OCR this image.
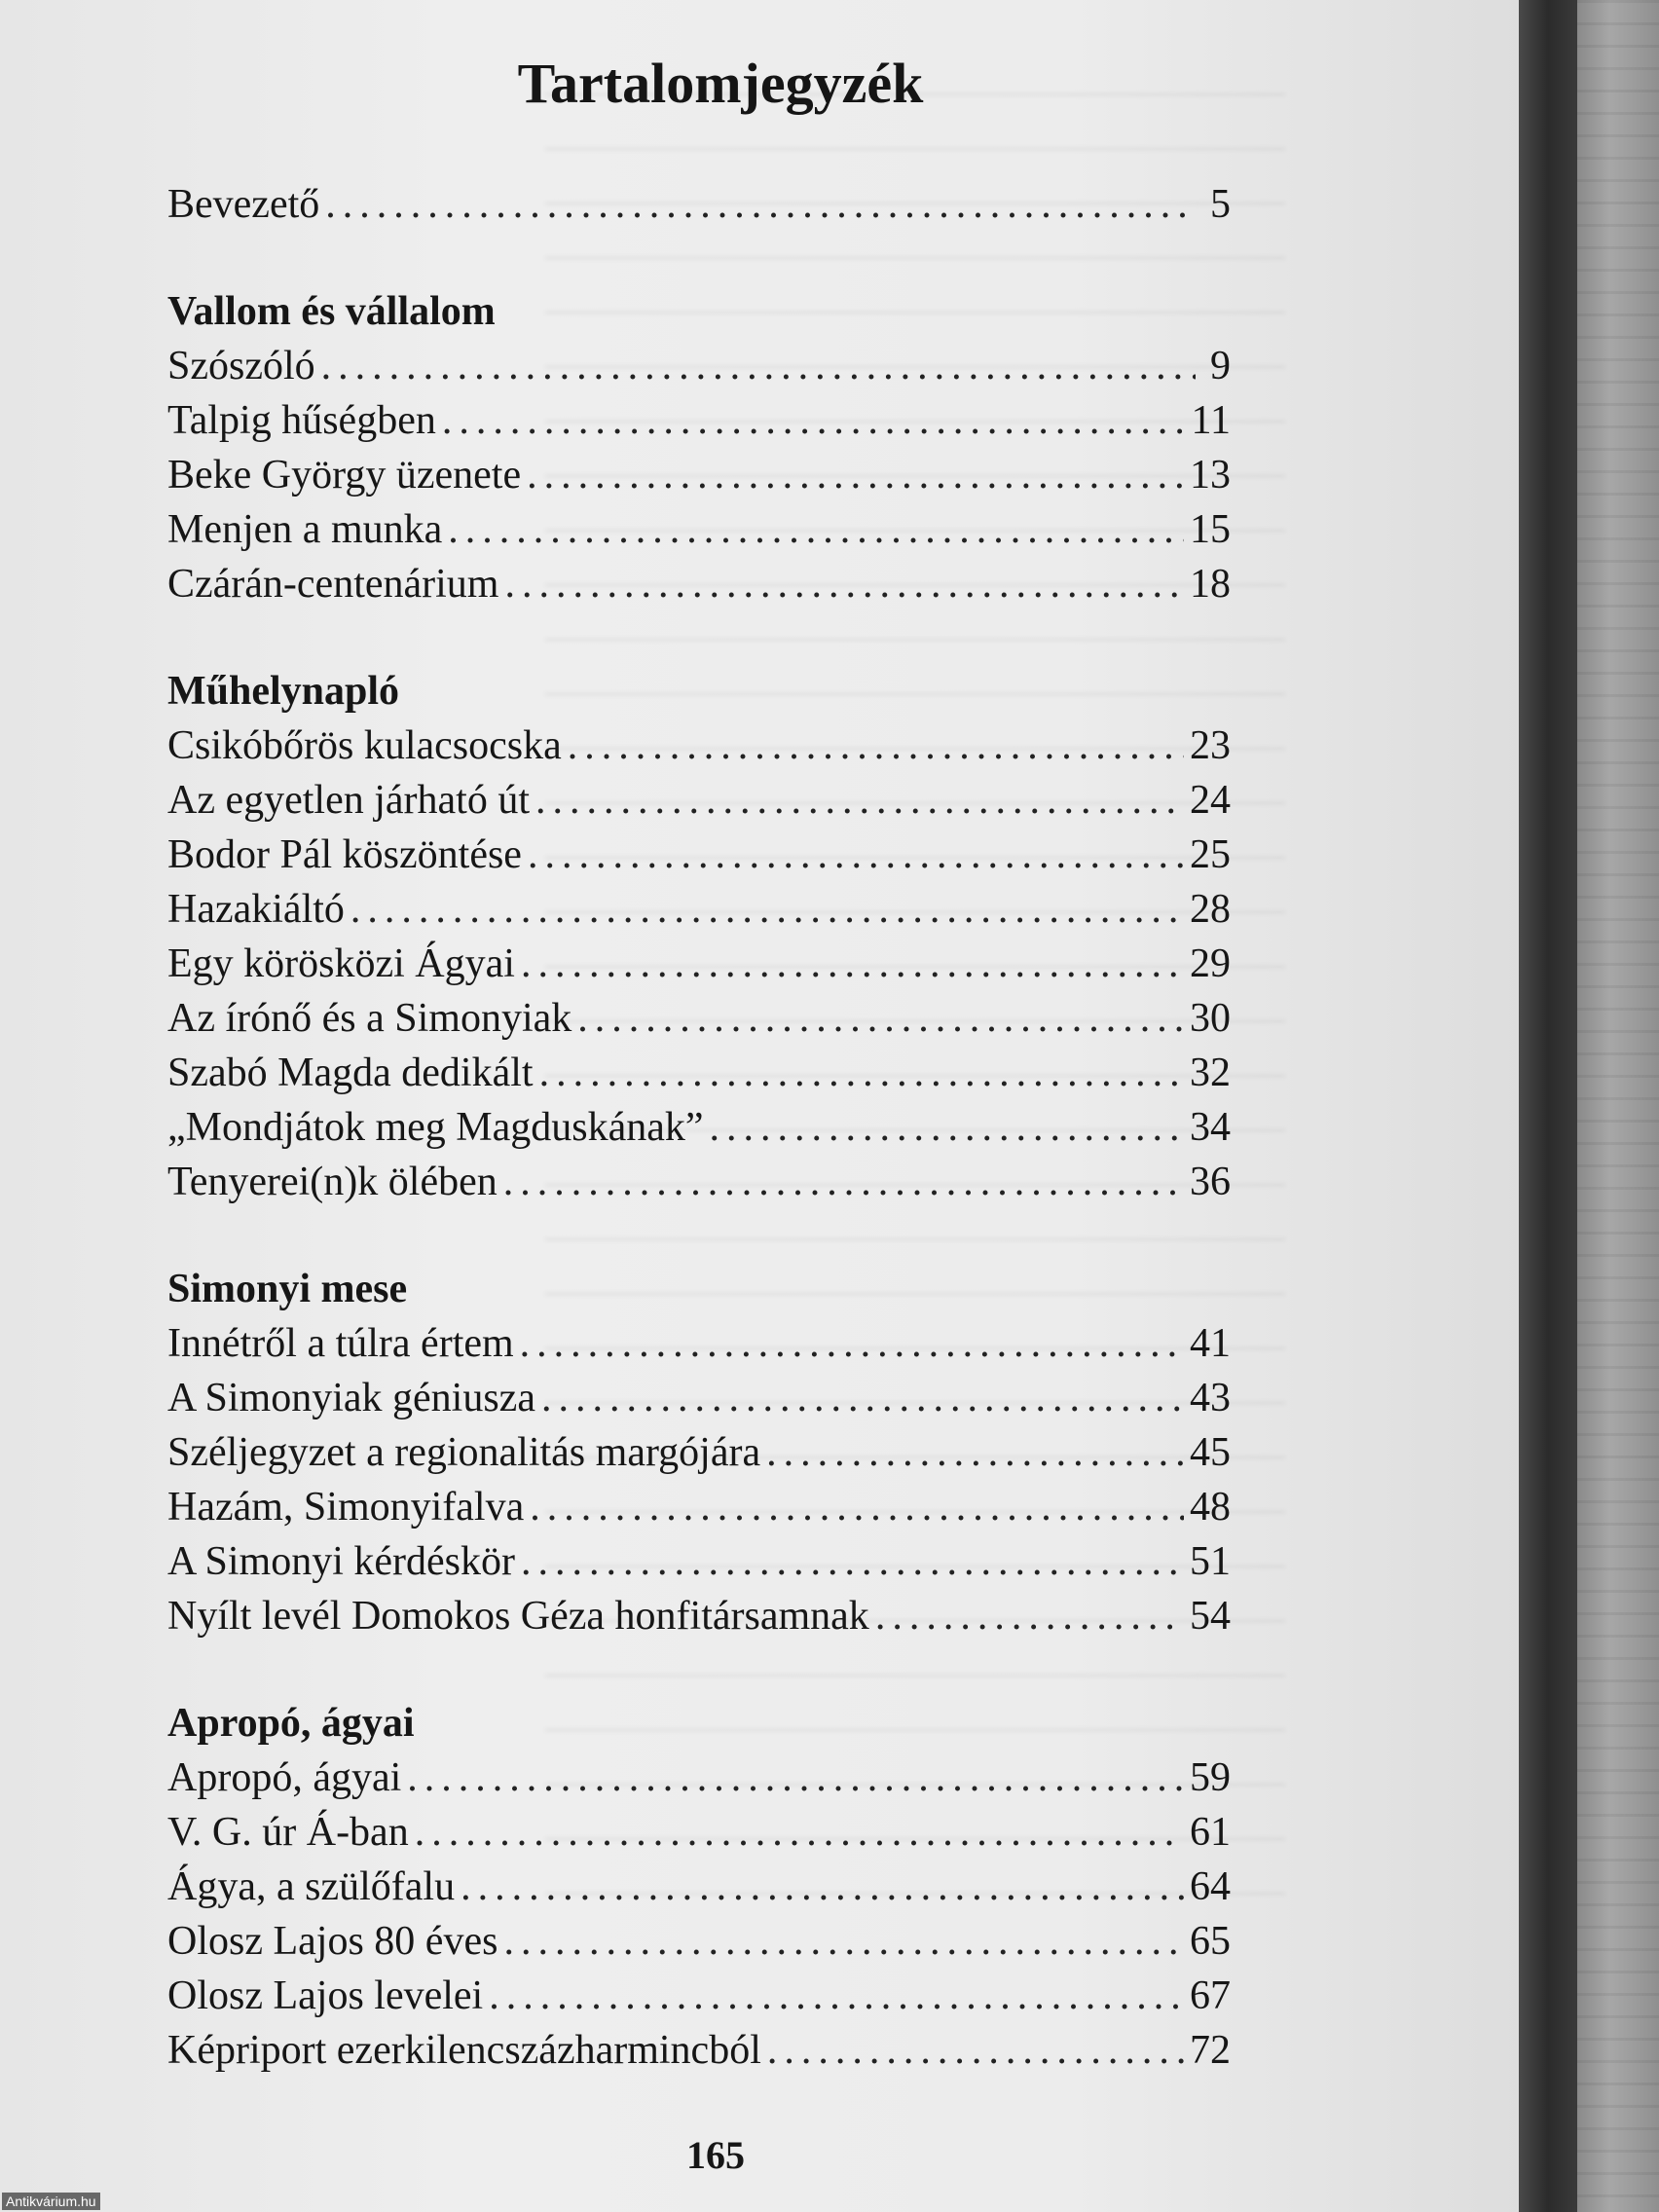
Tartalomjegyzék
Bevezető .....	5
Vallom és vállalom
Szószóló .....	9
Talpig hűségben .....	11
Beke György üzenete .....	13
Menjen a munka .....	15
Czárán-centenárium .....	18
Műhelynapló
Csikóbőrös kulacsocska .....	23
Az egyetlen járható út .....	24
Bodor Pál köszöntése .....	25
Hazakiáltó .....	28
Egy körösközi Ágyai .....	29
Az írónő és a Simonyiak .....	30
Szabó Magda dedikált .....	32
„Mondjátok meg Magduskának” .....	34
Tenyerei(n)k ölében .....	36
Simonyi mese
Innétről a túlra értem .....	41
A Simonyiak géniusza .....	43
Széljegyzet a regionalitás margójára .....	45
Hazám, Simonyifalva .....	48
A Simonyi kérdéskör .....	51
Nyílt levél Domokos Géza honfitársamnak .....	54
Apropó, ágyai
Apropó, ágyai .....	59
V. G. úr Á-ban .....	61
Ágya, a szülőfalu .....	64
Olosz Lajos 80 éves .....	65
Olosz Lajos levelei .....	67
Képriport ezerkilencszázharmincból .....	72
165
Antikvárium.hu
